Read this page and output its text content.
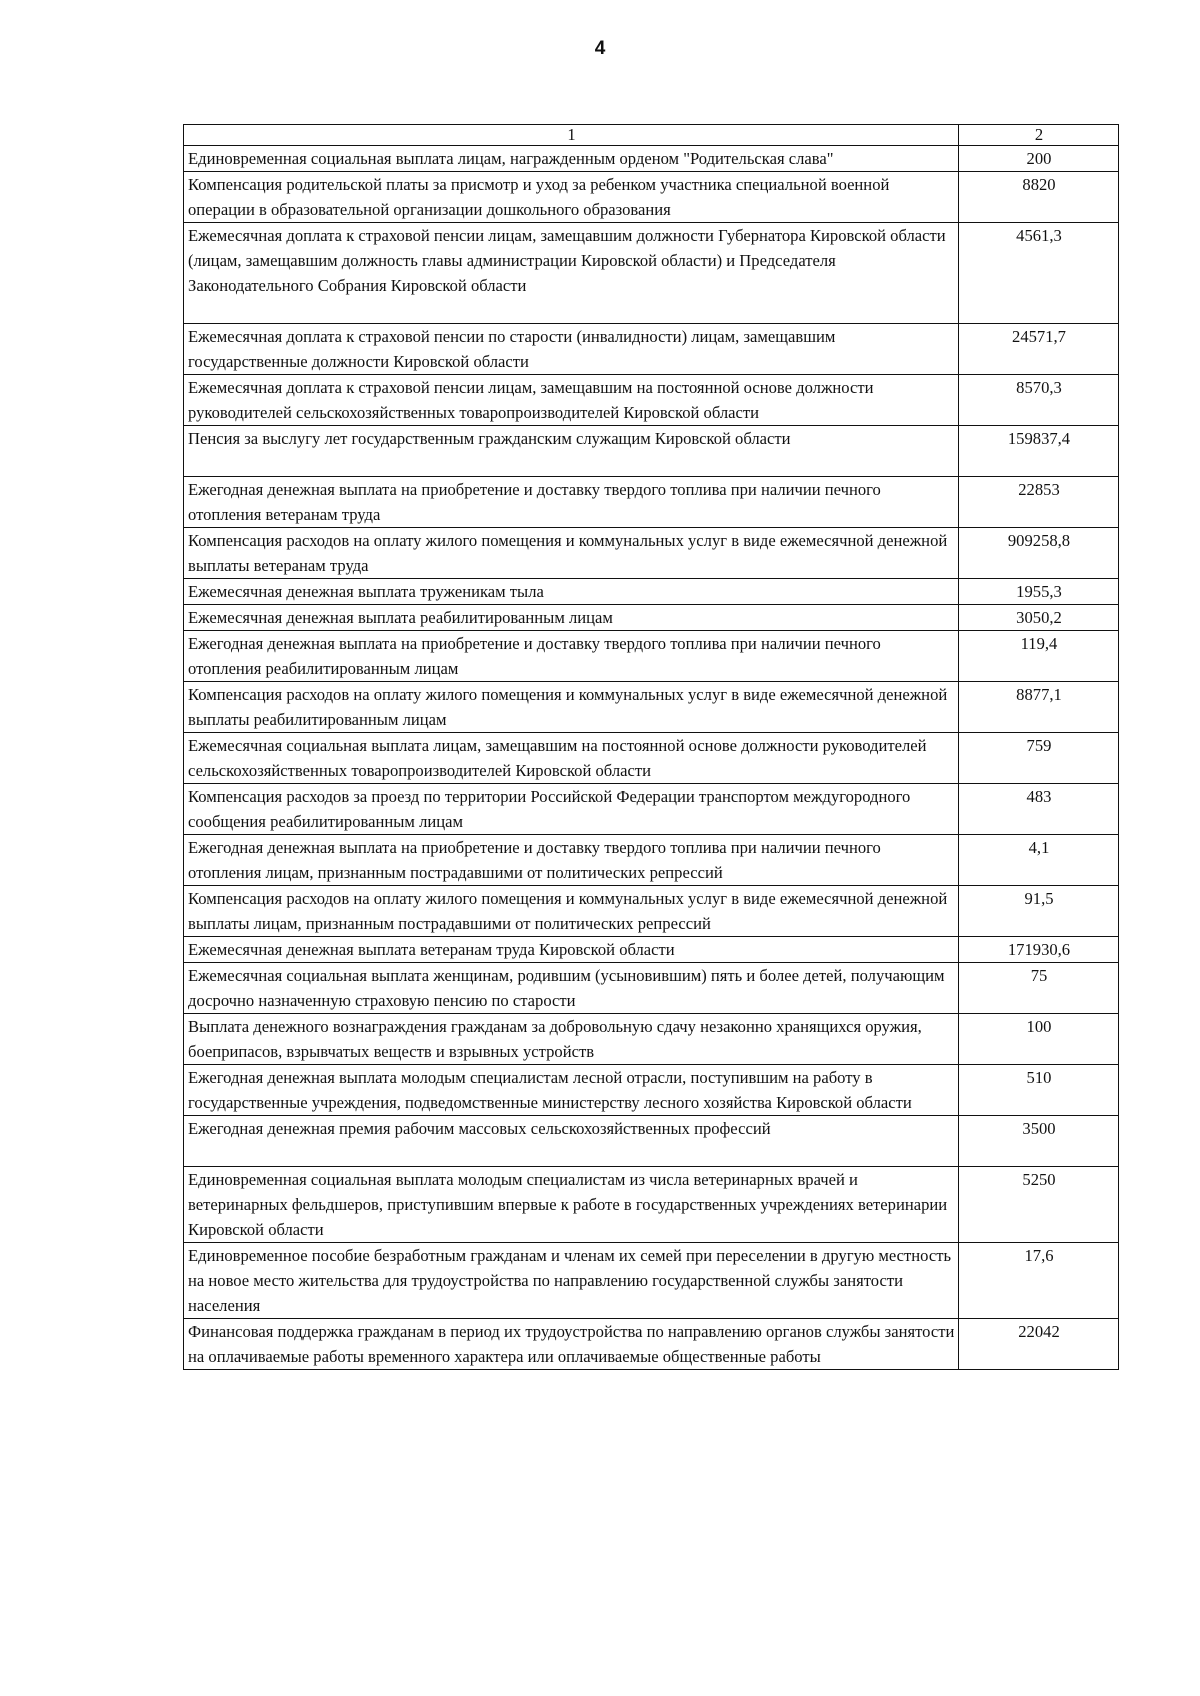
4
1	2
Единовременная социальная выплата лицам, награжденным орденом "Родительская слава"	200
Компенсация родительской платы за присмотр и уход за ребенком участника специальной военной операции в образовательной организации дошкольного образования	8820
Ежемесячная доплата к страховой пенсии лицам, замещавшим должности Губернатора Кировской области (лицам, замещавшим должность главы администрации Кировской области) и Председателя Законодательного Собрания Кировской области	4561,3
Ежемесячная доплата к страховой пенсии по старости (инвалидности) лицам, замещавшим государственные должности Кировской области	24571,7
Ежемесячная доплата к страховой пенсии лицам, замещавшим на постоянной основе должности руководителей сельскохозяйственных товаропроизводителей Кировской области	8570,3
Пенсия за выслугу лет государственным гражданским служащим Кировской области	159837,4
Ежегодная денежная выплата на приобретение и доставку твердого топлива при наличии печного отопления ветеранам труда	22853
Компенсация расходов на оплату жилого помещения и коммунальных услуг в виде ежемесячной денежной выплаты ветеранам труда	909258,8
Ежемесячная денежная выплата труженикам тыла	1955,3
Ежемесячная денежная выплата реабилитированным лицам	3050,2
Ежегодная денежная выплата на приобретение и доставку твердого топлива при наличии печного отопления реабилитированным лицам	119,4
Компенсация расходов на оплату жилого помещения и коммунальных услуг в виде ежемесячной денежной выплаты реабилитированным лицам	8877,1
Ежемесячная социальная выплата лицам, замещавшим на постоянной основе должности руководителей сельскохозяйственных товаропроизводителей Кировской области	759
Компенсация расходов за проезд по территории Российской Федерации транспортом междугородного сообщения реабилитированным лицам	483
Ежегодная денежная выплата на приобретение и доставку твердого топлива при наличии печного отопления лицам, признанным пострадавшими от политических репрессий	4,1
Компенсация расходов на оплату жилого помещения и коммунальных услуг в виде ежемесячной денежной выплаты лицам, признанным пострадавшими от политических репрессий	91,5
Ежемесячная денежная выплата ветеранам труда Кировской области	171930,6
Ежемесячная социальная выплата женщинам, родившим (усыновившим) пять и более детей, получающим досрочно назначенную страховую пенсию по старости	75
Выплата денежного вознаграждения гражданам за добровольную сдачу незаконно хранящихся оружия, боеприпасов, взрывчатых веществ и взрывных устройств	100
Ежегодная денежная выплата молодым специалистам лесной отрасли, поступившим на работу в государственные учреждения, подведомственные министерству лесного хозяйства Кировской области	510
Ежегодная денежная премия рабочим массовых сельскохозяйственных профессий	3500
Единовременная социальная выплата молодым специалистам из числа ветеринарных врачей и ветеринарных фельдшеров, приступившим впервые к работе в государственных учреждениях ветеринарии Кировской области	5250
Единовременное пособие безработным гражданам и членам их семей при переселении в другую местность на новое место жительства для трудоустройства по направлению государственной службы занятости населения	17,6
Финансовая поддержка гражданам в период их трудоустройства по направлению органов службы занятости на оплачиваемые работы временного характера или оплачиваемые общественные работы	22042
